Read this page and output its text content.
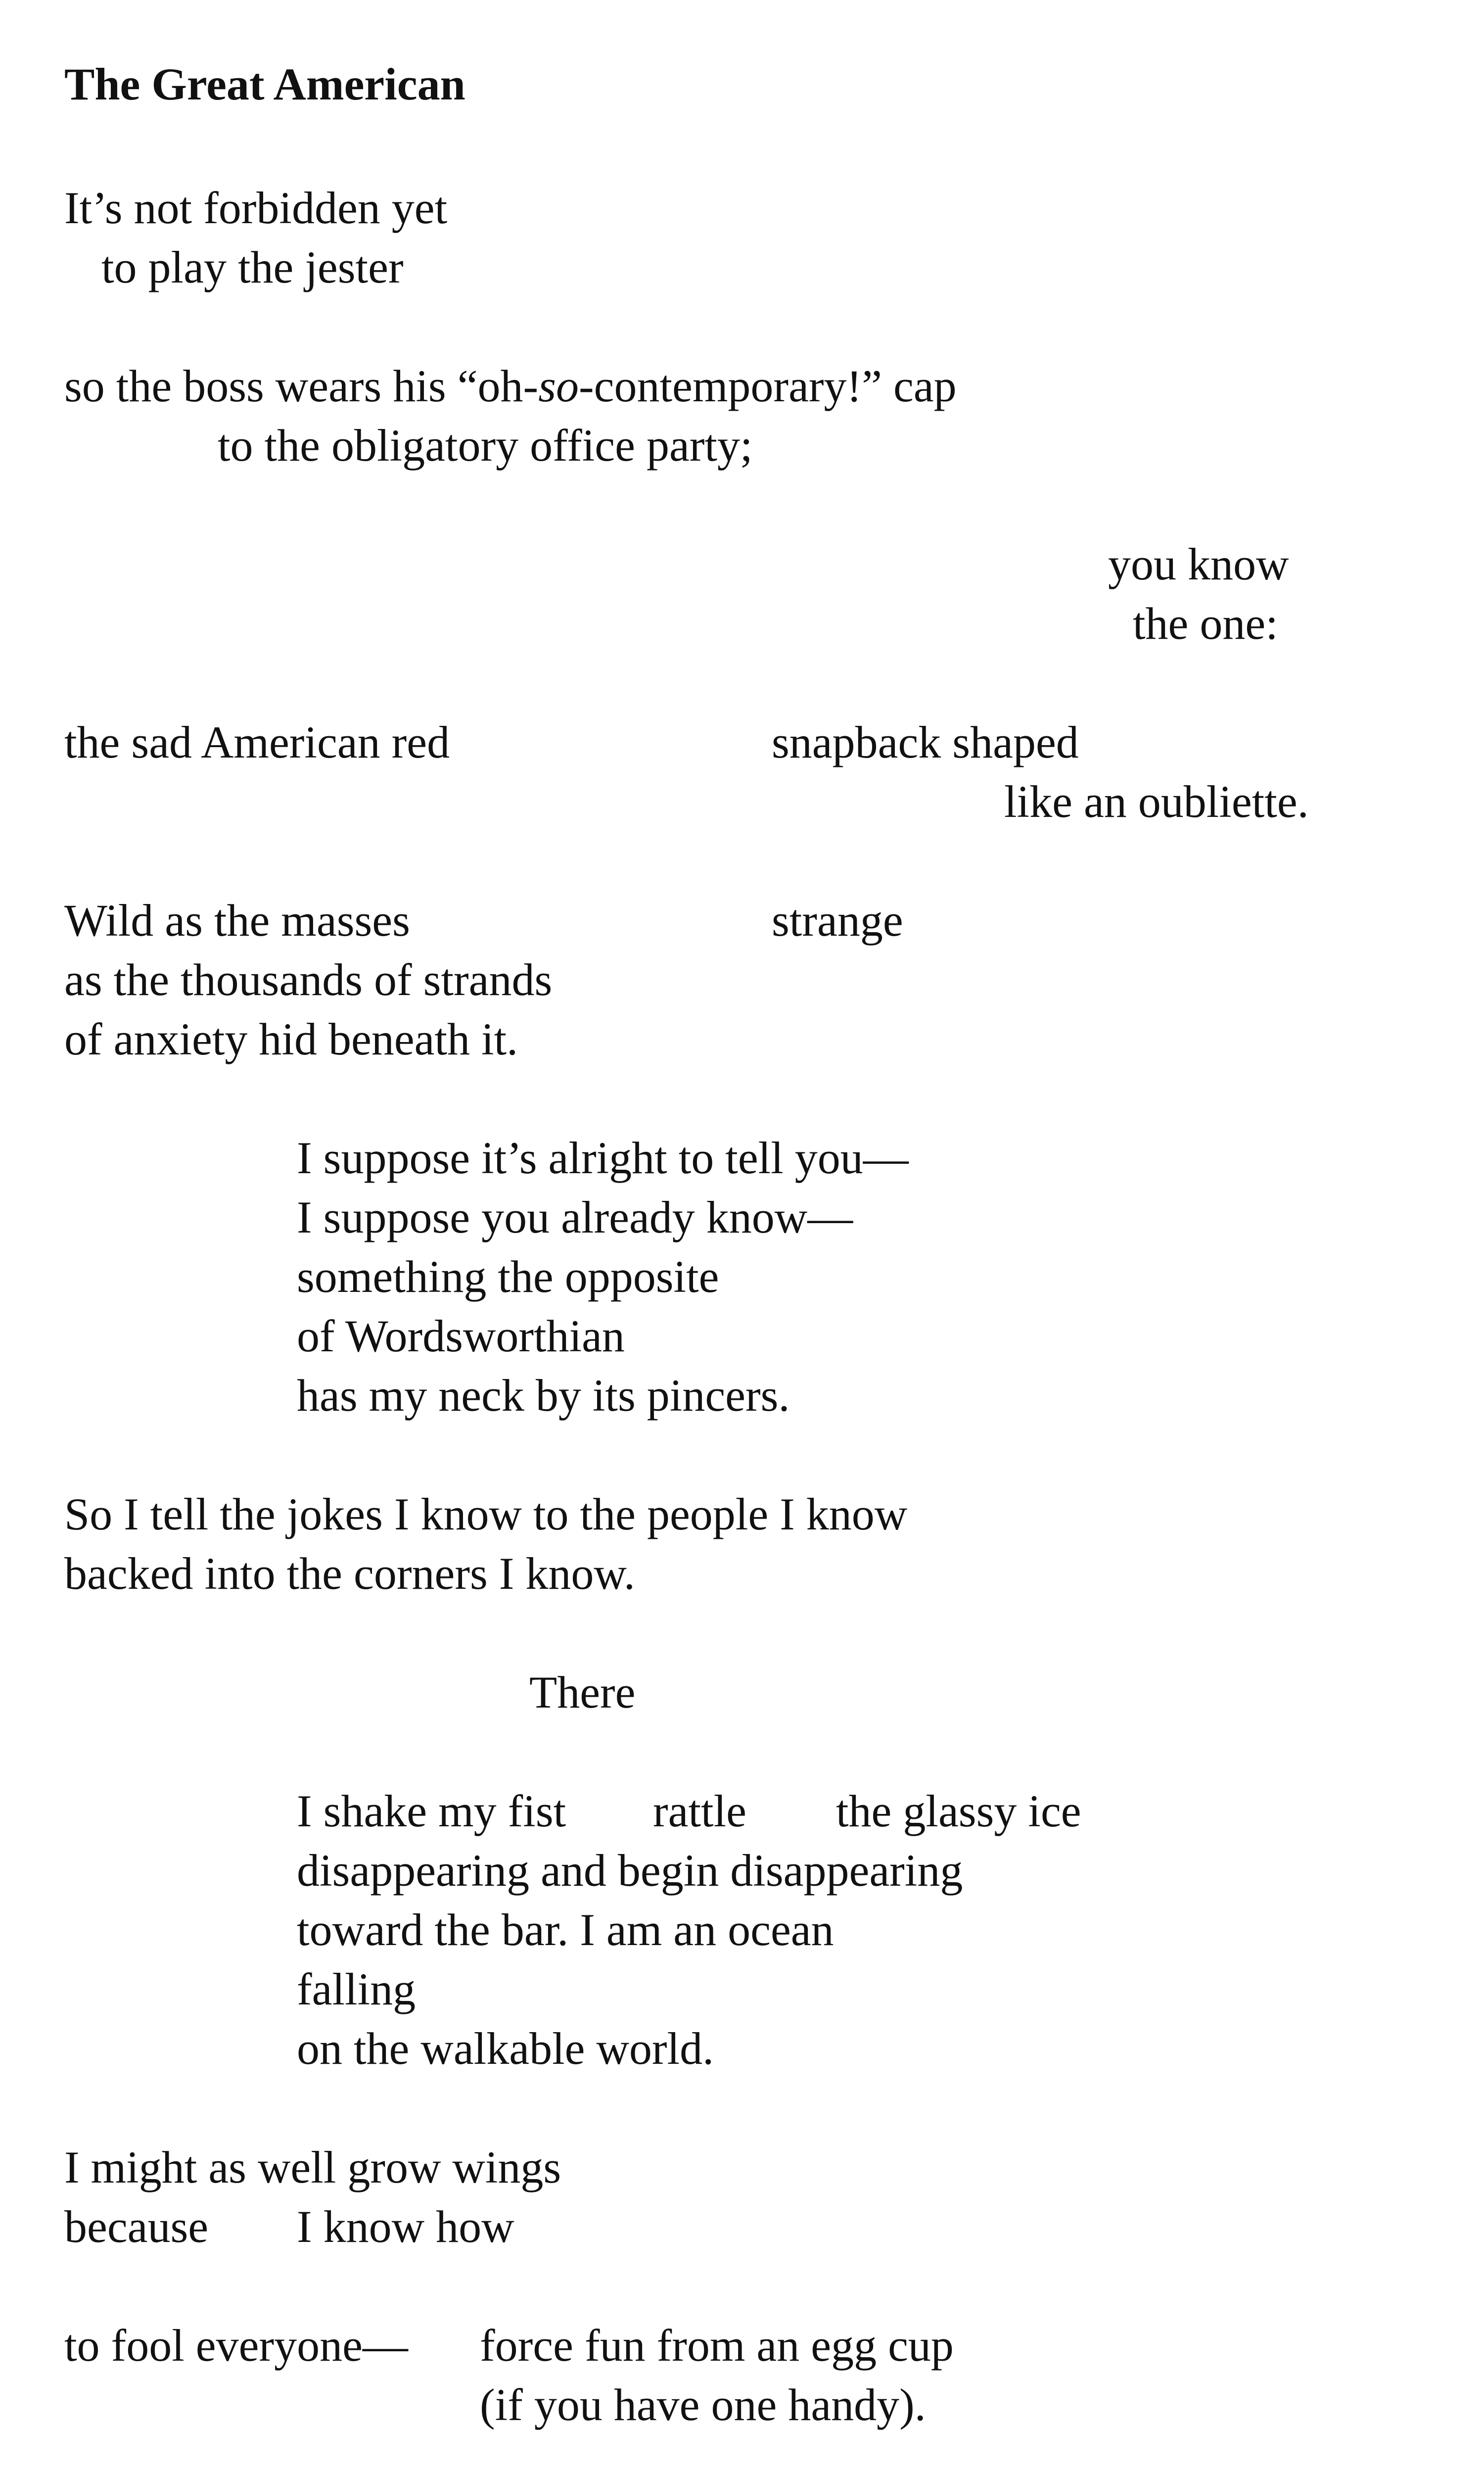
The Great American

It’s not forbidden yet

to play the jester

so the boss wears his “oh-so-contemporary!” cap

to the obligatory office party;

you know

the one:

the sad American red	snapback shaped

like an oubliette.

Wild as the masses	strange

as the thousands of strands

of anxiety hid beneath it.

I suppose it’s alright to tell you—

I suppose you already know—

something the opposite

of Wordsworthian

has my neck by its pincers.

So I tell the jokes I know to the people I know

backed into the corners I know.

There

I shake my fist rattle the glassy ice

disappearing and begin disappearing

toward the bar. I am an ocean

falling

on the walkable world.

I might as well grow wings

because I know how

to fool everyone— force fun from an egg cup

(if you have one handy).
